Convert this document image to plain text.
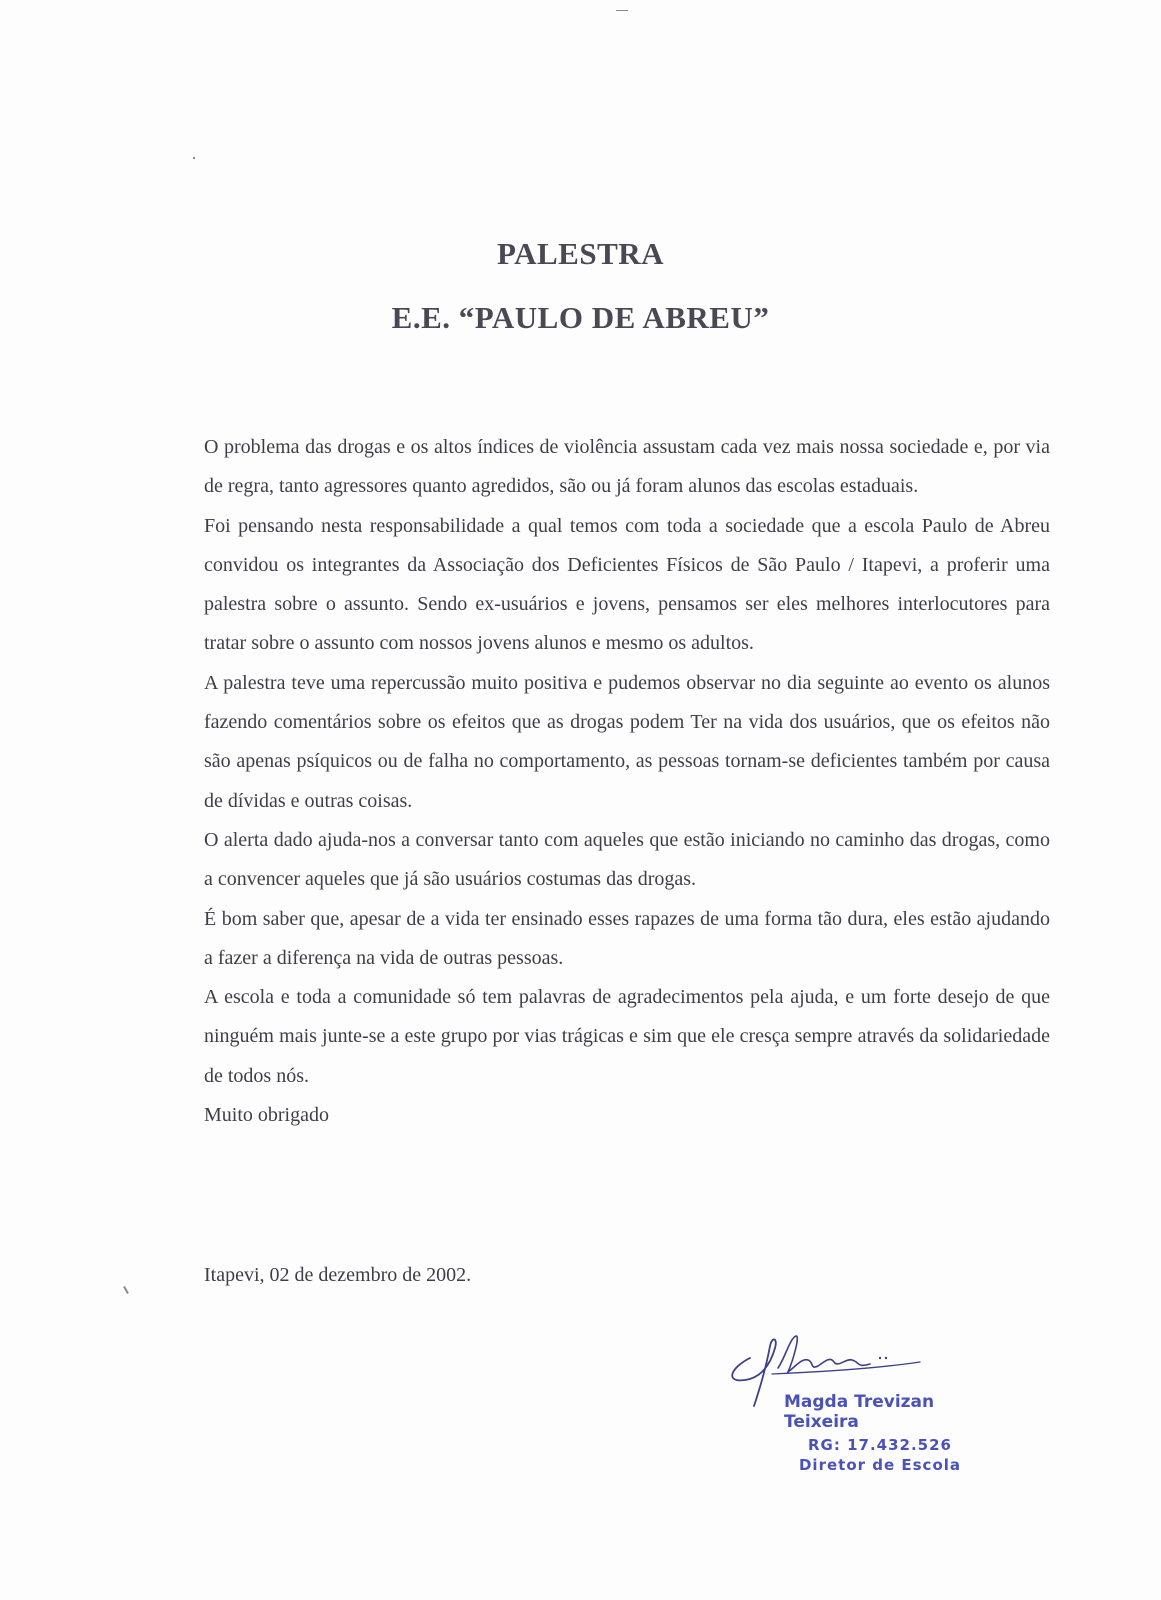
PALESTRA
E.E. “PAULO DE ABREU”

O problema das drogas e os altos índices de violência assustam cada vez mais nossa sociedade e, por via de regra, tanto agressores quanto agredidos, são ou já foram alunos das escolas estaduais.

Foi pensando nesta responsabilidade a qual temos com toda a sociedade que a escola Paulo de Abreu convidou os integrantes da Associação dos Deficientes Físicos de São Paulo / Itapevi, a proferir uma palestra sobre o assunto. Sendo ex-usuários e jovens, pensamos ser eles melhores interlocutores para tratar sobre o assunto com nossos jovens alunos e mesmo os adultos.

A palestra teve uma repercussão muito positiva e pudemos observar no dia seguinte ao evento os alunos fazendo comentários sobre os efeitos que as drogas podem Ter na vida dos usuários, que os efeitos não são apenas psíquicos ou de falha no comportamento, as pessoas tornam-se deficientes também por causa de dívidas e outras coisas.

O alerta dado ajuda-nos a conversar tanto com aqueles que estão iniciando no caminho das drogas, como a convencer aqueles que já são usuários costumas das drogas.

É bom saber que, apesar de a vida ter ensinado esses rapazes de uma forma tão dura, eles estão ajudando a fazer a diferença na vida de outras pessoas.

A escola e toda a comunidade só tem palavras de agradecimentos pela ajuda, e um forte desejo de que ninguém mais junte-se a este grupo por vias trágicas e sim que ele cresça sempre através da solidariedade de todos nós.

Muito obrigado

Itapevi, 02 de dezembro de 2002.
Magda Trevizan Teixeira
RG: 17.432.526
Diretor de Escola
